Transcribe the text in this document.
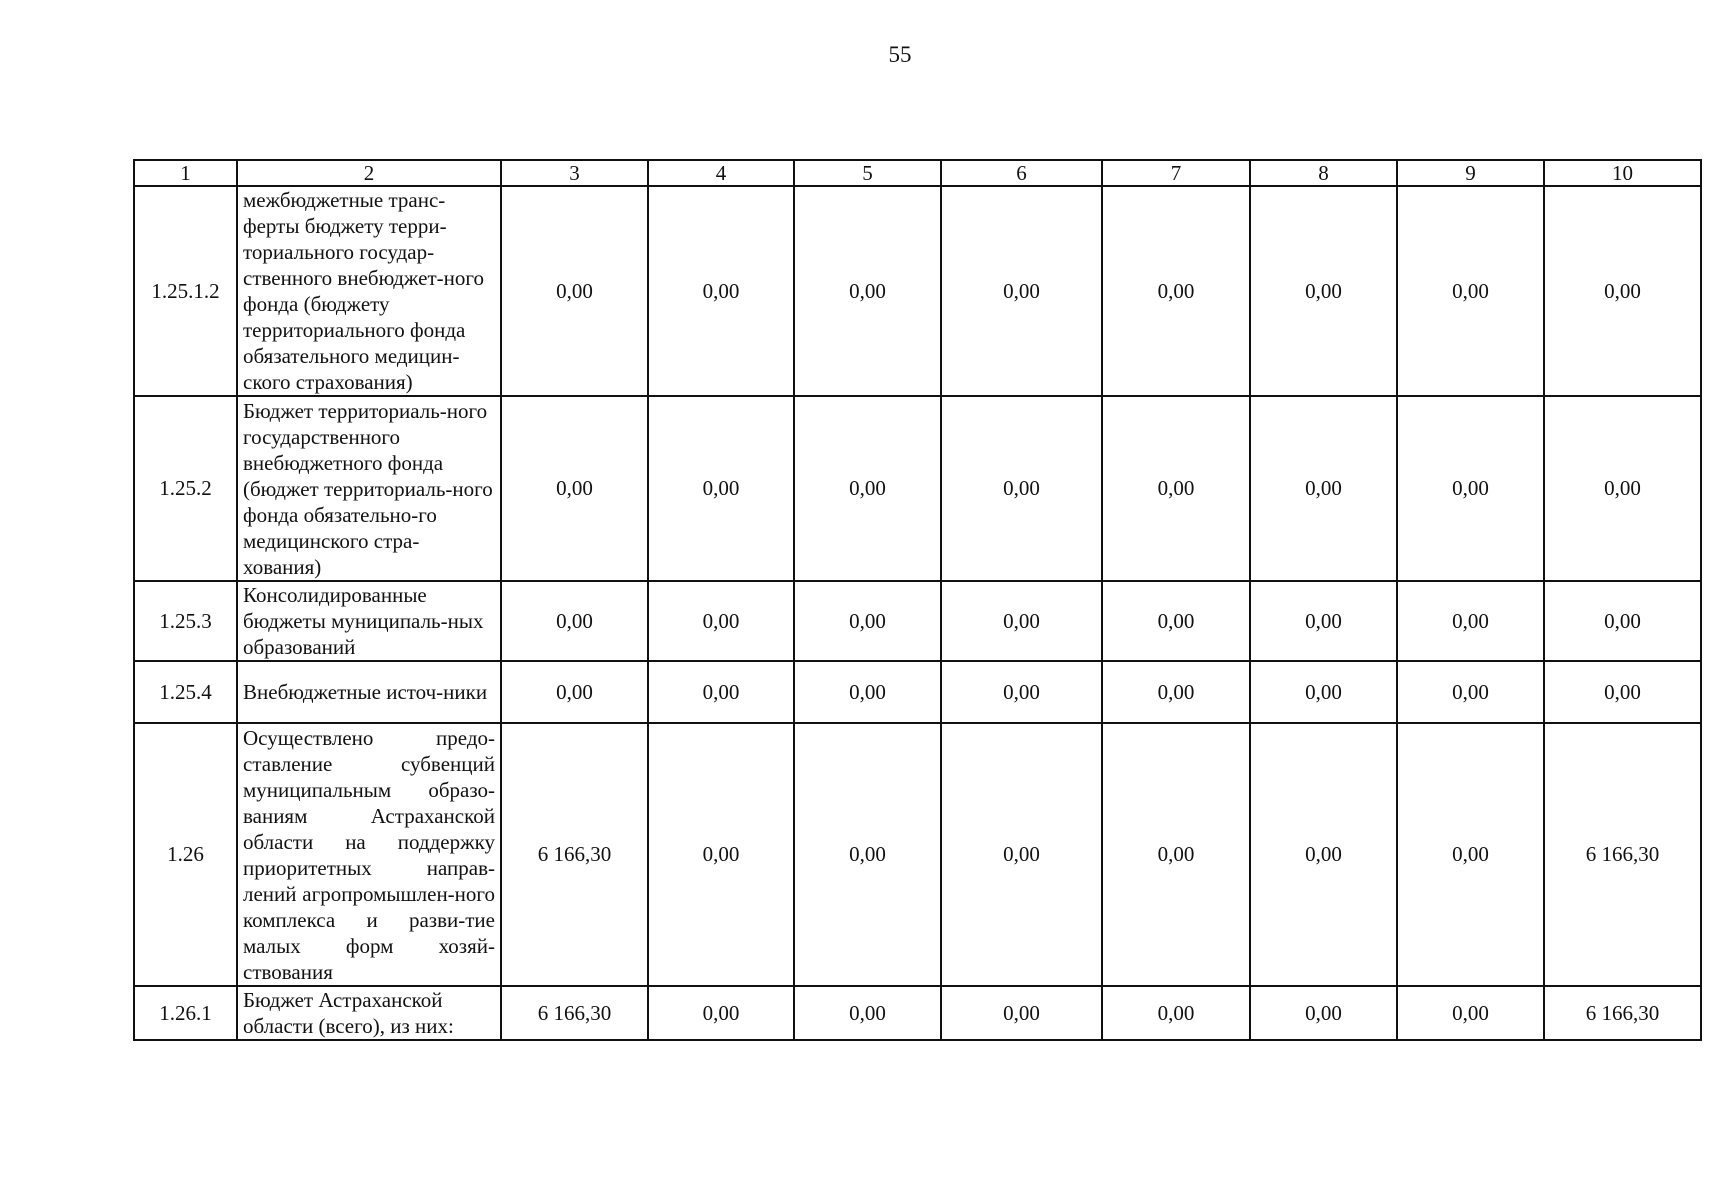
55
1	2	3	4	5	6	7	8	9	10
1.25.1.2	межбюджетные транс-ферты бюджету терри-ториального государ-ственного внебюджет-ного фонда (бюджету территориального фонда обязательного медицин-ского страхования)	0,00	0,00	0,00	0,00	0,00	0,00	0,00	0,00
1.25.2	Бюджет территориаль-ного государственного внебюджетного фонда (бюджет территориаль-ного фонда обязательно-го медицинского стра-хования)	0,00	0,00	0,00	0,00	0,00	0,00	0,00	0,00
1.25.3	Консолидированные бюджеты муниципаль-ных образований	0,00	0,00	0,00	0,00	0,00	0,00	0,00	0,00
1.25.4	Внебюджетные источ-ники	0,00	0,00	0,00	0,00	0,00	0,00	0,00	0,00
1.26	Осуществлено предо-ставление субвенций муниципальным образо-ваниям Астраханской области на поддержку приоритетных направ-лений агропромышлен-ного комплекса и разви-тие малых форм хозяй-ствования	6 166,30	0,00	0,00	0,00	0,00	0,00	0,00	6 166,30
1.26.1	Бюджет Астраханской области (всего), из них:	6 166,30	0,00	0,00	0,00	0,00	0,00	0,00	6 166,30
